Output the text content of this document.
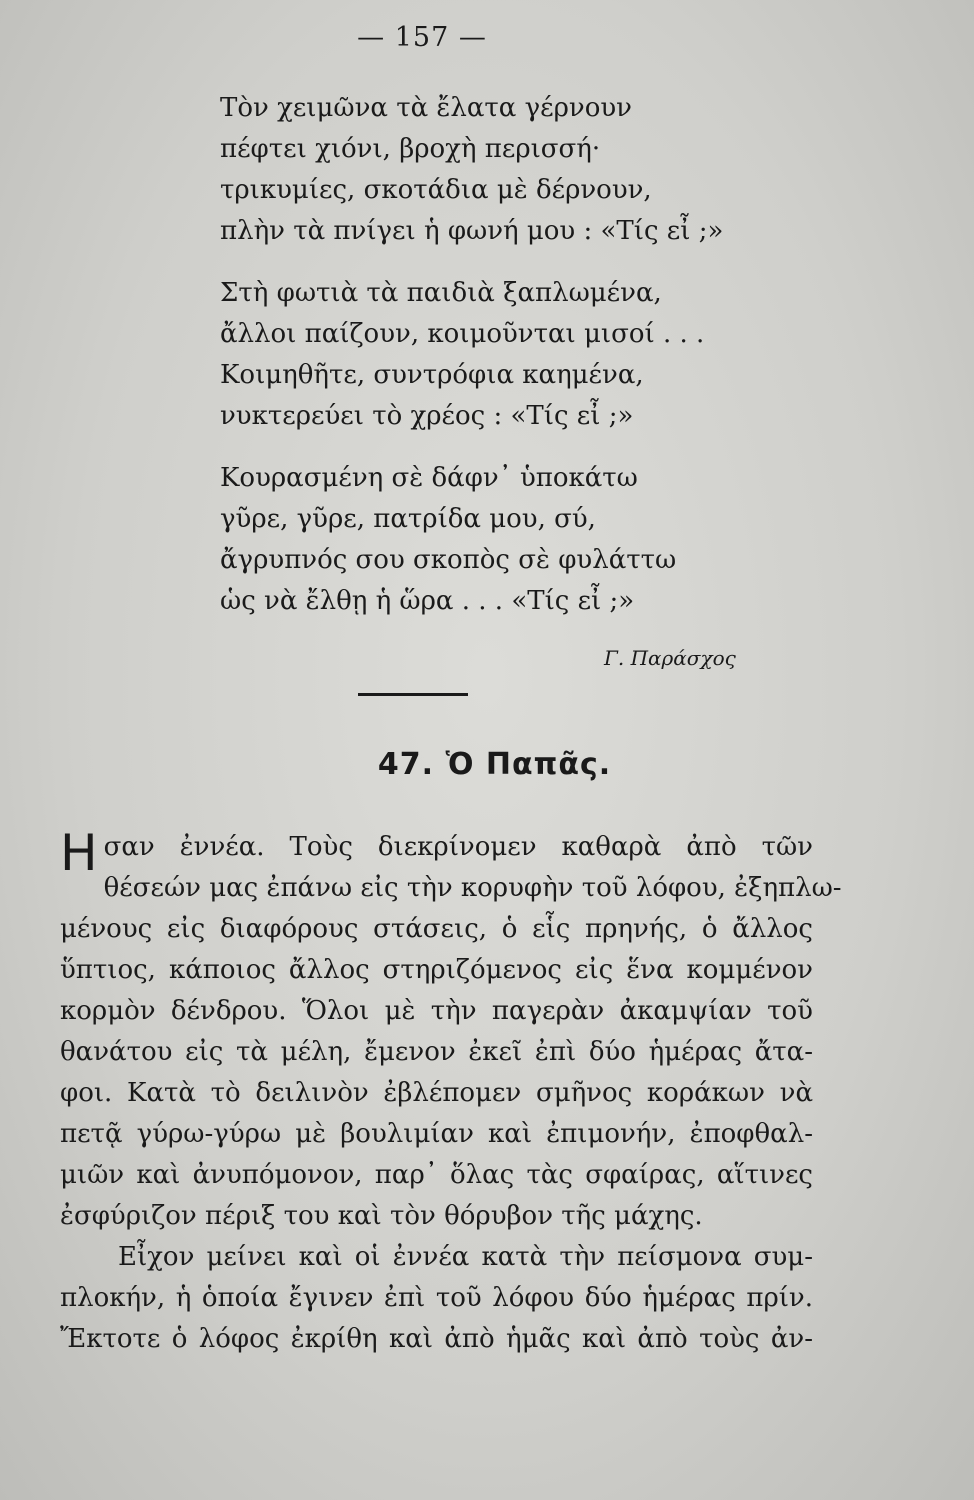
— 157 —
Τὸν χειμῶνα τὰ ἔλατα γέρνουν
πέφτει χιόνι, βροχὴ περισσή·
τρικυμίες, σκοτάδια μὲ δέρνουν,
πλὴν τὰ πνίγει ἡ φωνή μου : «Τίς εἶ ;»
Στὴ φωτιὰ τὰ παιδιὰ ξαπλωμένα,
ἄλλοι παίζουν, κοιμοῦνται μισοί . . .
Κοιμηθῆτε, συντρόφια καημένα,
νυκτερεύει τὸ χρέος : «Τίς εἶ ;»
Κουρασμένη σὲ δάφν᾽ ὑποκάτω
γῦρε, γῦρε, πατρίδα μου, σύ,
ἄγρυπνός σου σκοπὸς σὲ φυλάττω
ὡς νὰ ἔλθῃ ἡ ὥρα . . . «Τίς εἶ ;»
Γ. Παράσχος
47. Ὁ Παπᾶς.
Η σαν ἐννέα. Τοὺς διεκρίνομεν καθαρὰ ἀπὸ τῶν
θέσεών μας ἐπάνω εἰς τὴν κορυφὴν τοῦ λόφου, ἐξηπλω-
μένους εἰς διαφόρους στάσεις, ὁ εἷς πρηνής, ὁ ἄλλος
ὕπτιος, κάποιος ἄλλος στηριζόμενος εἰς ἕνα κομμένον
κορμὸν δένδρου. Ὅλοι μὲ τὴν παγερὰν ἀκαμψίαν τοῦ
θανάτου εἰς τὰ μέλη, ἔμενον ἐκεῖ ἐπὶ δύο ἡμέρας ἄτα-
φοι. Κατὰ τὸ δειλινὸν ἐβλέπομεν σμῆνος κοράκων νὰ
πετᾷ γύρω-γύρω μὲ βουλιμίαν καὶ ἐπιμονήν, ἐποφθαλ-
μιῶν καὶ ἀνυπόμονον, παρ᾽ ὅλας τὰς σφαίρας, αἵτινες
ἐσφύριζον πέριξ του καὶ τὸν θόρυβον τῆς μάχης.
Εἶχον μείνει καὶ οἱ ἐννέα κατὰ τὴν πείσμονα συμ-
πλοκήν, ἡ ὁποία ἔγινεν ἐπὶ τοῦ λόφου δύο ἡμέρας πρίν.
Ἔκτοτε ὁ λόφος ἐκρίθη καὶ ἀπὸ ἡμᾶς καὶ ἀπὸ τοὺς ἀν-
